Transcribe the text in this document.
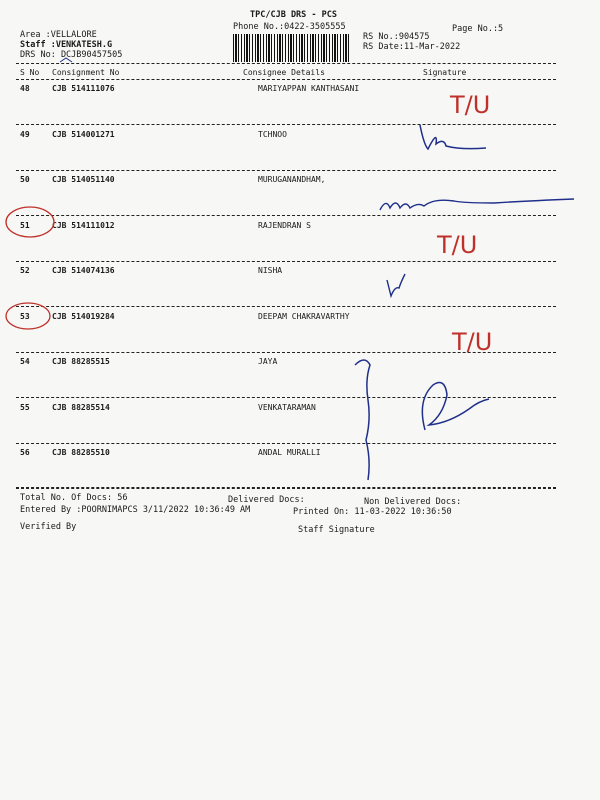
TPC/CJB DRS - PCS
Phone No.:0422-3505555
Area :VELLALORE
Staff :VENKATESH.G
DRS No: DCJB90457505
RS No.:904575
RS Date:11-Mar-2022
Page No.:5
S No Consignment No	Consignee Details	Signature
48	CJB 514111076	MARIYAPPAN KANTHASANI
49	CJB 514001271	TCHNOO
50	CJB 514051140	MURUGANANDHAM,
51	CJB 514111012	RAJENDRAN S
52	CJB 514074136	NISHA
53	CJB 514019284	DEEPAM CHAKRAVARTHY
54	CJB 88285515	JAYA
55	CJB 88285514	VENKATARAMAN
56	CJB 88285510	ANDAL MURALLI
Total No. Of Docs: 56	Delivered Docs:	Non Delivered Docs:
Entered By :POORNIMAPCS 3/11/2022 10:36:49 AM	Printed On: 11-03-2022 10:36:50
Verified By	Staff Signature
T/U
T/U
T/U
